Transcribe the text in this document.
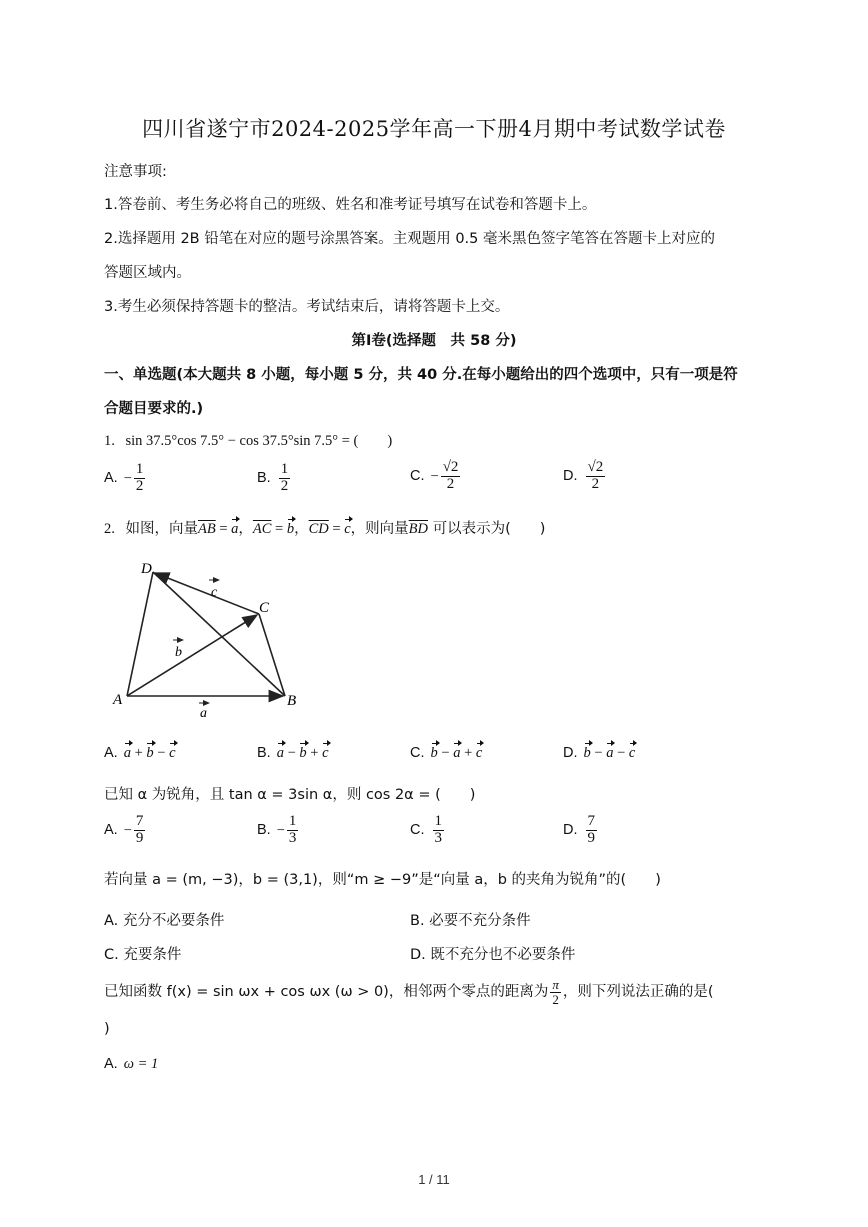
四川省遂宁市2024-2025学年高一下册4月期中考试数学试卷
注意事项:
1.答卷前、考生务必将自己的班级、姓名和准考证号填写在试卷和答题卡上。
2.选择题用 2B 铅笔在对应的题号涂黑答案。主观题用 0.5 毫米黑色签字笔答在答题卡上对应的
答题区域内。
3.考生必须保持答题卡的整洁。考试结束后，请将答题卡上交。
第Ⅰ卷(选择题　共 58 分)
一、单选题(本大题共 8 小题，每小题 5 分，共 40 分.在每小题给出的四个选项中，只有一项是符
合题目要求的.)
1. sin 37.5°cos 7.5° − cos 37.5°sin 7.5° = (　　)
A. − $\frac{1}{2}$	B. $\frac{1}{2}$	C. − $\frac{√2}{2}$	D. $\frac{√2}{2}$
2. 如图，向量$\overline{AB} = a$，$\overline{AC} = b$，$\overline{CD} = c$，则向量$\overline{BD}$ 可以表示为(　　)
A	B
C
D
a
b
c
A. a + b − c	B. a − b + c	C. b − a + c	D. b − a − c
已知 α 为锐角，且 tan α = 3sin α，则 cos 2α = (　　)
A. − $\frac{7}{9}$	B. − $\frac{1}{3}$	C. $\frac{1}{3}$	D. $\frac{7}{9}$
若向量 a = (m, −3)，b = (3,1)，则“m ≥ −9”是“向量 a，b 的夹角为锐角”的(　　)
A. 充分不必要条件	B. 必要不充分条件
C. 充要条件	D. 既不充分也不必要条件
已知函数 f(x) = sin ωx + cos ωx (ω > 0)，相邻两个零点的距离为 $\frac{\pi}{2}$ ，则下列说法正确的是(
)
A. ω = 1
1 / 11
